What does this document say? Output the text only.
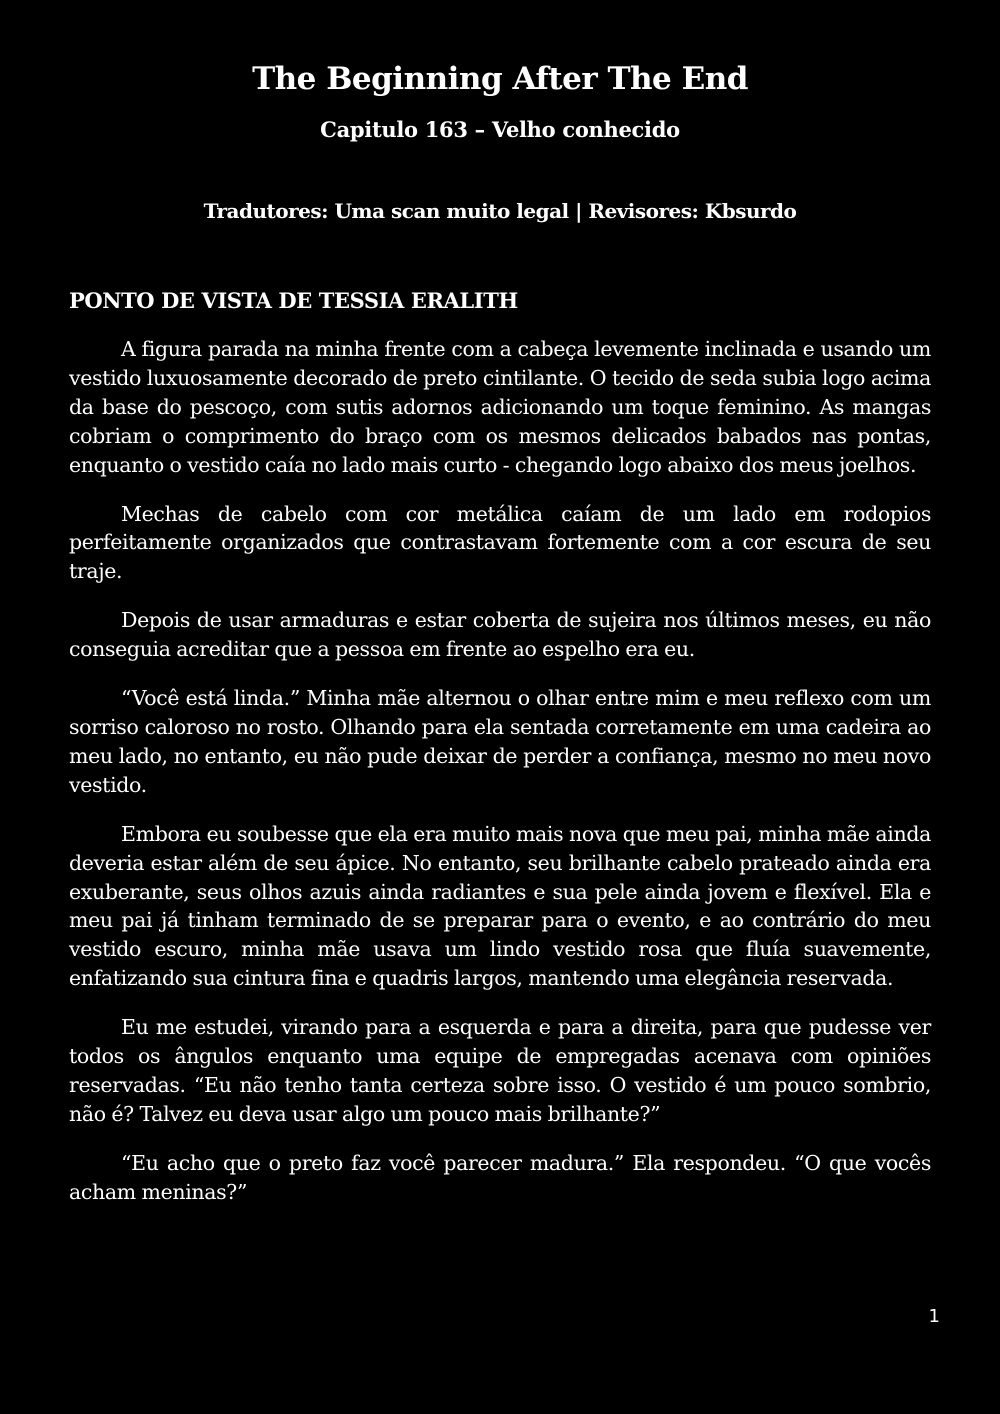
The Beginning After The End
Capitulo 163 – Velho conhecido
Tradutores: Uma scan muito legal | Revisores: Kbsurdo
PONTO DE VISTA DE TESSIA ERALITH

A figura parada na minha frente com a cabeça levemente inclinada e usando um vestido luxuosamente decorado de preto cintilante. O tecido de seda subia logo acima da base do pescoço, com sutis adornos adicionando um toque feminino. As mangas cobriam o comprimento do braço com os mesmos delicados babados nas pontas, enquanto o vestido caía no lado mais curto - chegando logo abaixo dos meus joelhos.

Mechas de cabelo com cor metálica caíam de um lado em rodopios perfeitamente organizados que contrastavam fortemente com a cor escura de seu traje.

Depois de usar armaduras e estar coberta de sujeira nos últimos meses, eu não conseguia acreditar que a pessoa em frente ao espelho era eu.

“Você está linda.” Minha mãe alternou o olhar entre mim e meu reflexo com um sorriso caloroso no rosto. Olhando para ela sentada corretamente em uma cadeira ao meu lado, no entanto, eu não pude deixar de perder a confiança, mesmo no meu novo vestido.

Embora eu soubesse que ela era muito mais nova que meu pai, minha mãe ainda deveria estar além de seu ápice. No entanto, seu brilhante cabelo prateado ainda era exuberante, seus olhos azuis ainda radiantes e sua pele ainda jovem e flexível. Ela e meu pai já tinham terminado de se preparar para o evento, e ao contrário do meu vestido escuro, minha mãe usava um lindo vestido rosa que fluía suavemente, enfatizando sua cintura fina e quadris largos, mantendo uma elegância reservada.

Eu me estudei, virando para a esquerda e para a direita, para que pudesse ver todos os ângulos enquanto uma equipe de empregadas acenava com opiniões reservadas. “Eu não tenho tanta certeza sobre isso. O vestido é um pouco sombrio, não é? Talvez eu deva usar algo um pouco mais brilhante?”

“Eu acho que o preto faz você parecer madura.” Ela respondeu. “O que vocês acham meninas?”

1
